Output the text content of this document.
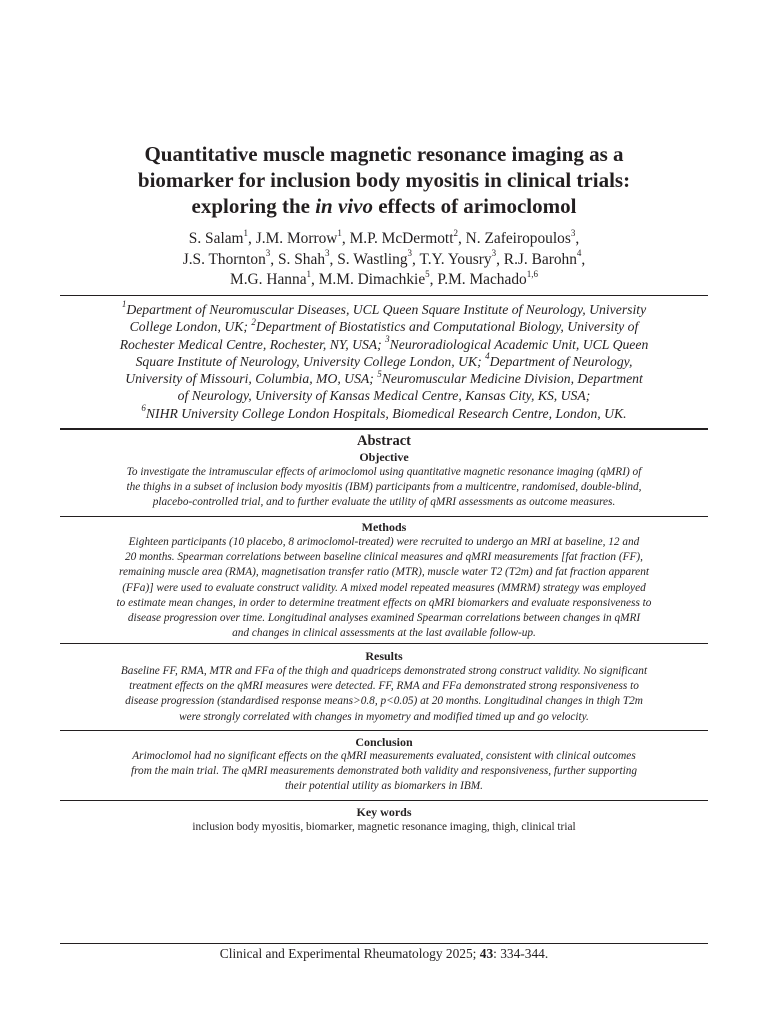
Quantitative muscle magnetic resonance imaging as a
biomarker for inclusion body myositis in clinical trials:
exploring the in vivo effects of arimoclomol
S. Salam$^1$, J.M. Morrow$^1$, M.P. McDermott$^2$, N. Zafeiropoulos$^3$,
J.S. Thornton$^3$, S. Shah$^3$, S. Wastling$^3$, T.Y. Yousry$^3$, R.J. Barohn$^4$,
M.G. Hanna$^1$, M.M. Dimachkie$^5$, P.M. Machado$^{1,6}$
$^1$Department of Neuromuscular Diseases, UCL Queen Square Institute of Neurology, University
College London, UK; $^2$Department of Biostatistics and Computational Biology, University of
Rochester Medical Centre, Rochester, NY, USA; $^3$Neuroradiological Academic Unit, UCL Queen
Square Institute of Neurology, University College London, UK; $^4$Department of Neurology,
University of Missouri, Columbia, MO, USA; $^5$Neuromuscular Medicine Division, Department
of Neurology, University of Kansas Medical Centre, Kansas City, KS, USA;
$^6$NIHR University College London Hospitals, Biomedical Research Centre, London, UK.
Abstract
Objective
To investigate the intramuscular effects of arimoclomol using quantitative magnetic resonance imaging (qMRI) of
the thighs in a subset of inclusion body myositis (IBM) participants from a multicentre, randomised, double-blind,
placebo-controlled trial, and to further evaluate the utility of qMRI assessments as outcome measures.
Methods
Eighteen participants (10 placebo, 8 arimoclomol-treated) were recruited to undergo an MRI at baseline, 12 and
20 months. Spearman correlations between baseline clinical measures and qMRI measurements [fat fraction (FF),
remaining muscle area (RMA), magnetisation transfer ratio (MTR), muscle water T2 (T2m) and fat fraction apparent
(FFa)] were used to evaluate construct validity. A mixed model repeated measures (MMRM) strategy was employed
to estimate mean changes, in order to determine treatment effects on qMRI biomarkers and evaluate responsiveness to
disease progression over time. Longitudinal analyses examined Spearman correlations between changes in qMRI
and changes in clinical assessments at the last available follow-up.
Results
Baseline FF, RMA, MTR and FFa of the thigh and quadriceps demonstrated strong construct validity. No significant
treatment effects on the qMRI measures were detected. FF, RMA and FFa demonstrated strong responsiveness to
disease progression (standardised response means>0.8, p<0.05) at 20 months. Longitudinal changes in thigh T2m
were strongly correlated with changes in myometry and modified timed up and go velocity.
Conclusion
Arimoclomol had no significant effects on the qMRI measurements evaluated, consistent with clinical outcomes
from the main trial. The qMRI measurements demonstrated both validity and responsiveness, further supporting
their potential utility as biomarkers in IBM.
Key words
inclusion body myositis, biomarker, magnetic resonance imaging, thigh, clinical trial
Clinical and Experimental Rheumatology 2025; 43: 334-344.
